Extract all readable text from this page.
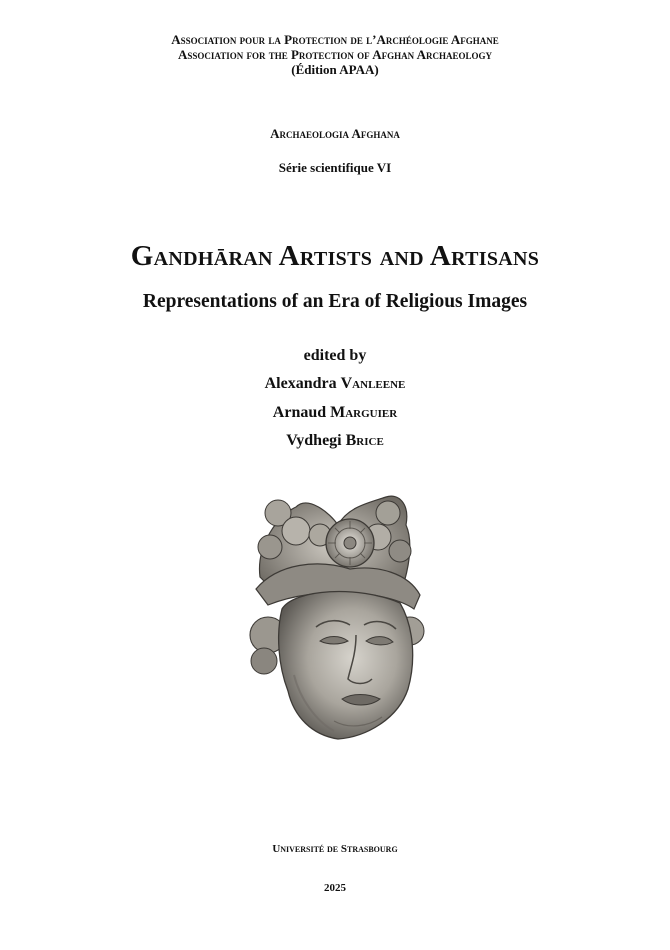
Association pour la Protection de l’Archéologie Afghane
Association for the Protection of Afghan Archaeology
(Édition APAA)
Archaeologia Afghana
Série scientifique VI
Gandhāran Artists and Artisans
Representations of an Era of Religious Images
edited by
Alexandra Vanleene
Arnaud Marguier
Vydhegi Brice
Université de Strasbourg
2025
